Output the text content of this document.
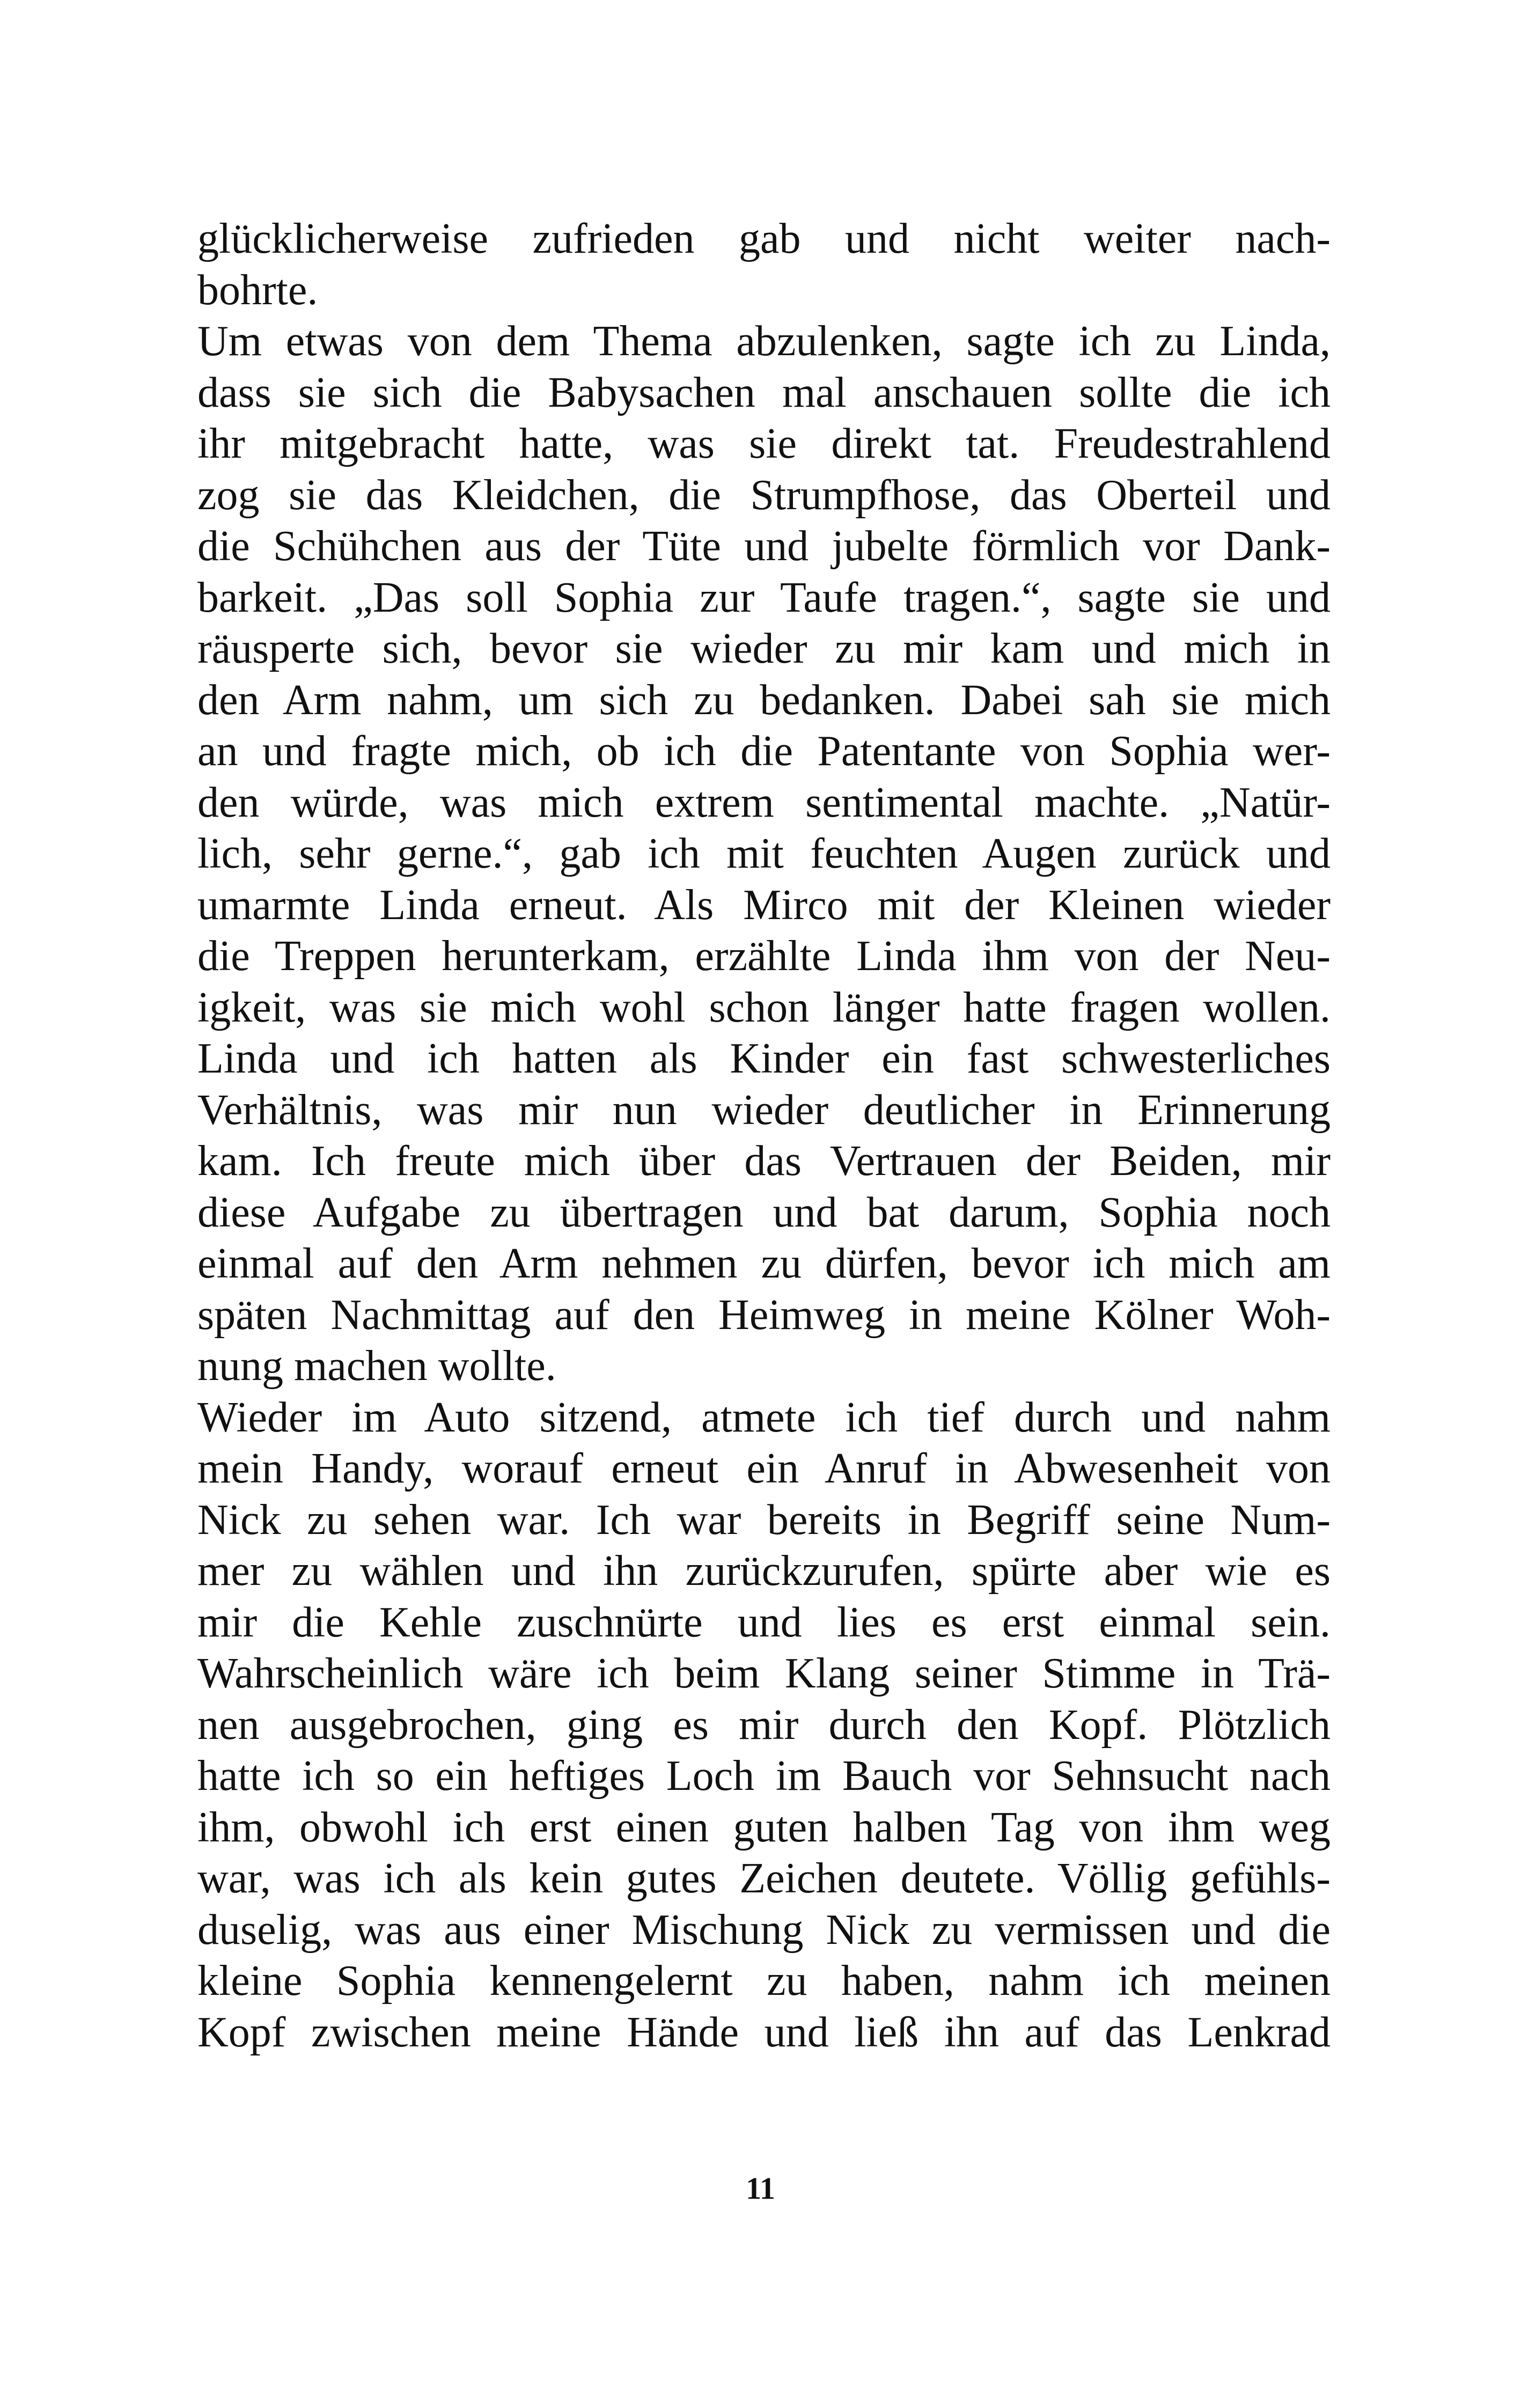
glücklicherweise zufrieden gab und nicht weiter nach-
bohrte.
Um etwas von dem Thema abzulenken, sagte ich zu Linda,
dass sie sich die Babysachen mal anschauen sollte die ich
ihr mitgebracht hatte, was sie direkt tat. Freudestrahlend
zog sie das Kleidchen, die Strumpfhose, das Oberteil und
die Schühchen aus der Tüte und jubelte förmlich vor Dank-
barkeit. „Das soll Sophia zur Taufe tragen.“, sagte sie und
räusperte sich, bevor sie wieder zu mir kam und mich in
den Arm nahm, um sich zu bedanken. Dabei sah sie mich
an und fragte mich, ob ich die Patentante von Sophia wer-
den würde, was mich extrem sentimental machte. „Natür-
lich, sehr gerne.“, gab ich mit feuchten Augen zurück und
umarmte Linda erneut. Als Mirco mit der Kleinen wieder
die Treppen herunterkam, erzählte Linda ihm von der Neu-
igkeit, was sie mich wohl schon länger hatte fragen wollen.
Linda und ich hatten als Kinder ein fast schwesterliches
Verhältnis, was mir nun wieder deutlicher in Erinnerung
kam. Ich freute mich über das Vertrauen der Beiden, mir
diese Aufgabe zu übertragen und bat darum, Sophia noch
einmal auf den Arm nehmen zu dürfen, bevor ich mich am
späten Nachmittag auf den Heimweg in meine Kölner Woh-
nung machen wollte.
Wieder im Auto sitzend, atmete ich tief durch und nahm
mein Handy, worauf erneut ein Anruf in Abwesenheit von
Nick zu sehen war. Ich war bereits in Begriff seine Num-
mer zu wählen und ihn zurückzurufen, spürte aber wie es
mir die Kehle zuschnürte und lies es erst einmal sein.
Wahrscheinlich wäre ich beim Klang seiner Stimme in Trä-
nen ausgebrochen, ging es mir durch den Kopf. Plötzlich
hatte ich so ein heftiges Loch im Bauch vor Sehnsucht nach
ihm, obwohl ich erst einen guten halben Tag von ihm weg
war, was ich als kein gutes Zeichen deutete. Völlig gefühls-
duselig, was aus einer Mischung Nick zu vermissen und die
kleine Sophia kennengelernt zu haben, nahm ich meinen
Kopf zwischen meine Hände und ließ ihn auf das Lenkrad
11
